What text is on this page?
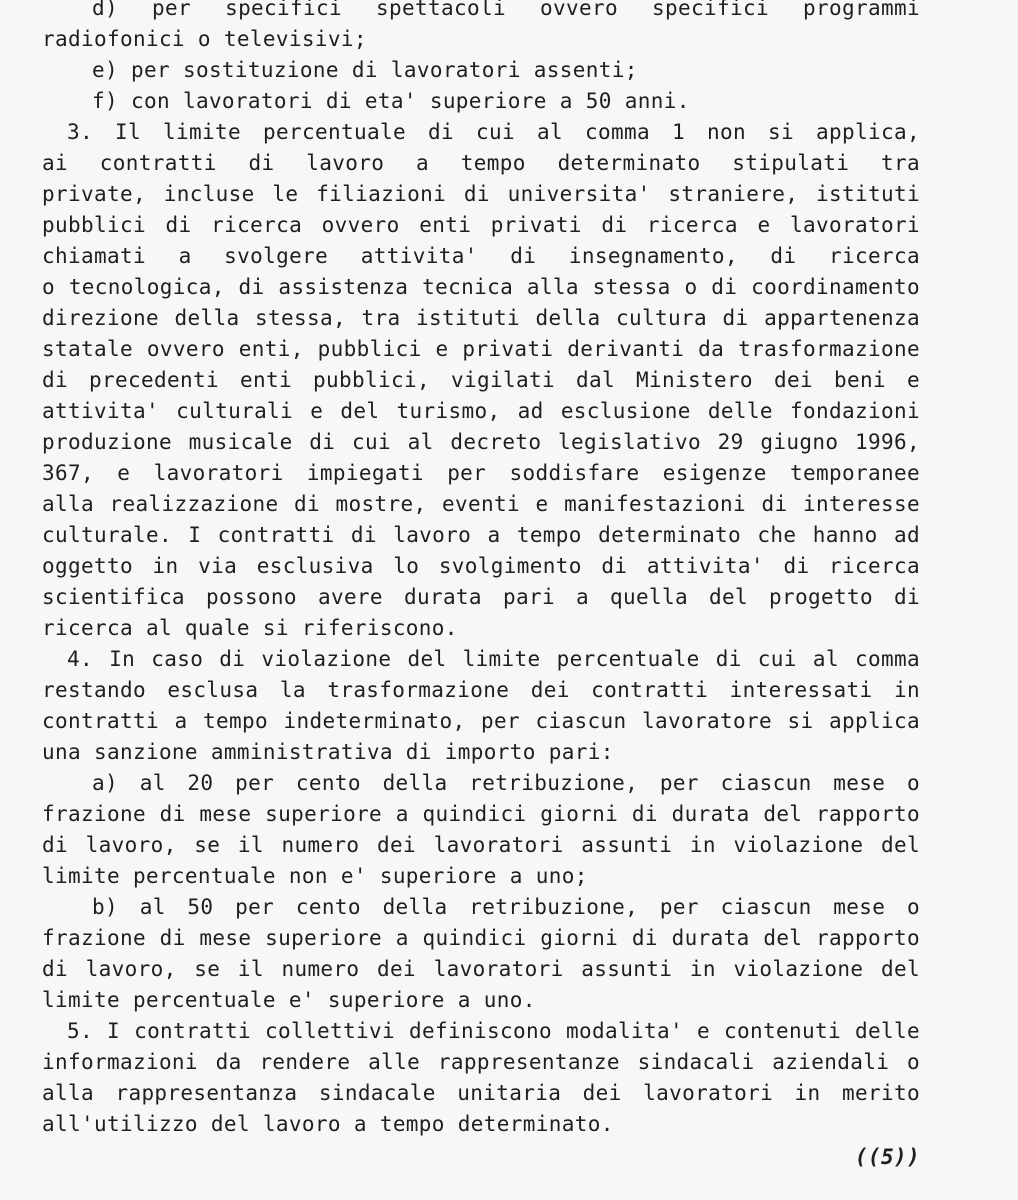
d) per specifici spettacoli ovvero specifici programmi
radiofonici o televisivi;
e) per sostituzione di lavoratori assenti;
f) con lavoratori di eta' superiore a 50 anni.
3. Il limite percentuale di cui al comma 1 non si applica,
ai contratti di lavoro a tempo determinato stipulati tra
private, incluse le filiazioni di universita' straniere, istituti
pubblici di ricerca ovvero enti privati di ricerca e lavoratori
chiamati a svolgere attivita' di insegnamento, di ricerca
o tecnologica, di assistenza tecnica alla stessa o di coordinamento
direzione della stessa, tra istituti della cultura di appartenenza
statale ovvero enti, pubblici e privati derivanti da trasformazione
di precedenti enti pubblici, vigilati dal Ministero dei beni e
attivita' culturali e del turismo, ad esclusione delle fondazioni
produzione musicale di cui al decreto legislativo 29 giugno 1996,
367, e lavoratori impiegati per soddisfare esigenze temporanee
alla realizzazione di mostre, eventi e manifestazioni di interesse
culturale. I contratti di lavoro a tempo determinato che hanno ad
oggetto in via esclusiva lo svolgimento di attivita' di ricerca
scientifica possono avere durata pari a quella del progetto di
ricerca al quale si riferiscono.
4. In caso di violazione del limite percentuale di cui al comma
restando esclusa la trasformazione dei contratti interessati in
contratti a tempo indeterminato, per ciascun lavoratore si applica
una sanzione amministrativa di importo pari:
a) al 20 per cento della retribuzione, per ciascun mese o
frazione di mese superiore a quindici giorni di durata del rapporto
di lavoro, se il numero dei lavoratori assunti in violazione del
limite percentuale non e' superiore a uno;
b) al 50 per cento della retribuzione, per ciascun mese o
frazione di mese superiore a quindici giorni di durata del rapporto
di lavoro, se il numero dei lavoratori assunti in violazione del
limite percentuale e' superiore a uno.
5. I contratti collettivi definiscono modalita' e contenuti delle
informazioni da rendere alle rappresentanze sindacali aziendali o
alla rappresentanza sindacale unitaria dei lavoratori in merito
all'utilizzo del lavoro a tempo determinato.
((5))
